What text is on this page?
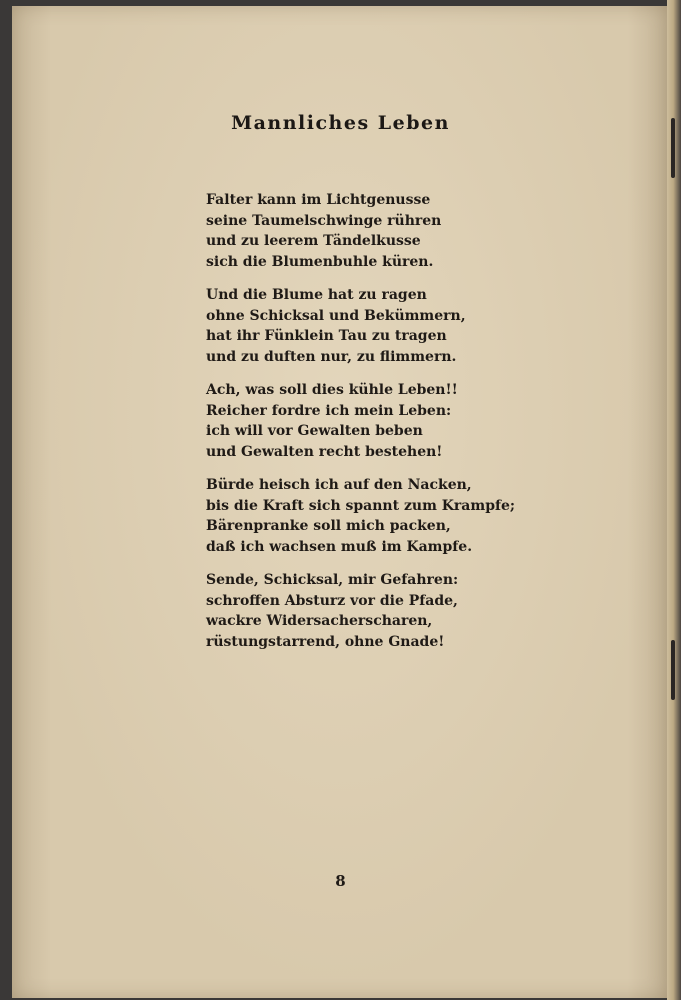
Mannliches Leben
Falter kann im Lichtgenusse
seine Taumelschwinge rühren
und zu leerem Tändelkusse
sich die Blumenbuhle küren.
Und die Blume hat zu ragen
ohne Schicksal und Bekümmern,
hat ihr Fünklein Tau zu tragen
und zu duften nur, zu flimmern.
Ach, was soll dies kühle Leben!!
Reicher fordre ich mein Leben:
ich will vor Gewalten beben
und Gewalten recht bestehen!
Bürde heisch ich auf den Nacken,
bis die Kraft sich spannt zum Krampfe;
Bärenpranke soll mich packen,
daß ich wachsen muß im Kampfe.
Sende, Schicksal, mir Gefahren:
schroffen Absturz vor die Pfade,
wackre Widersacherscharen,
rüstungstarrend, ohne Gnade!
8
